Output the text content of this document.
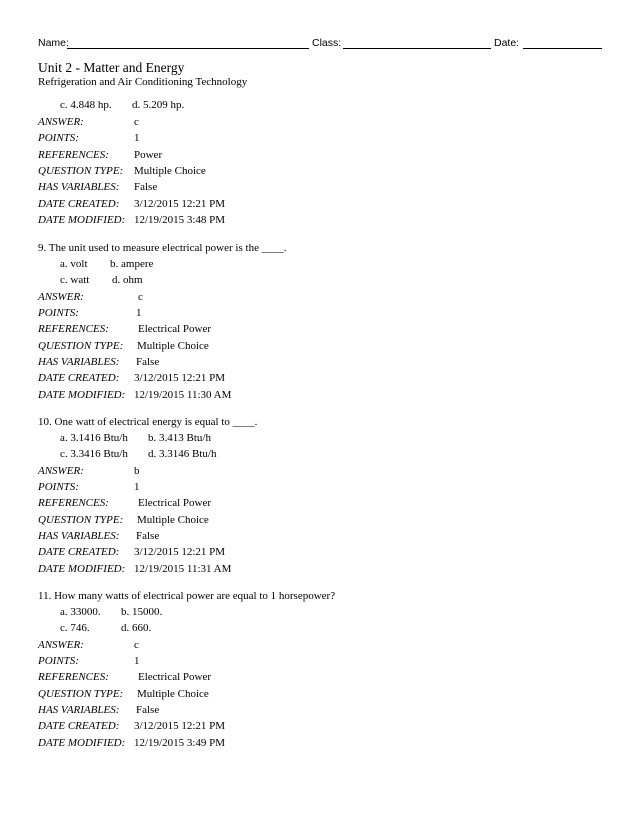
Name:	Class:	Date:
Unit 2 - Matter and Energy
Refrigeration and Air Conditioning Technology
c. 4.848 hp. d. 5.209 hp.
ANSWER:	c
POINTS:	1
REFERENCES: Power
QUESTION TYPE: Multiple Choice
HAS VARIABLES: False
DATE CREATED: 3/12/2015 12:21 PM
DATE MODIFIED: 12/19/2015 3:48 PM
9. The unit used to measure electrical power is the ____.
a. volt b. ampere
c. watt d. ohm
ANSWER:	c
POINTS:	1
REFERENCES:	Electrical Power
QUESTION TYPE: Multiple Choice
HAS VARIABLES: False
DATE CREATED: 3/12/2015 12:21 PM
DATE MODIFIED: 12/19/2015 11:30 AM
10. One watt of electrical energy is equal to ____.
a. 3.1416 Btu/h b. 3.413 Btu/h
c. 3.3416 Btu/h d. 3.3146 Btu/h
ANSWER:	b
POINTS:	1
REFERENCES:	Electrical Power
QUESTION TYPE: Multiple Choice
HAS VARIABLES: False
DATE CREATED: 3/12/2015 12:21 PM
DATE MODIFIED: 12/19/2015 11:31 AM
11. How many watts of electrical power are equal to 1 horsepower?
a. 33000. b. 15000.
c. 746.	d. 660.
ANSWER:	c
POINTS:	1
REFERENCES:	Electrical Power
QUESTION TYPE: Multiple Choice
HAS VARIABLES: False
DATE CREATED: 3/12/2015 12:21 PM
DATE MODIFIED: 12/19/2015 3:49 PM
